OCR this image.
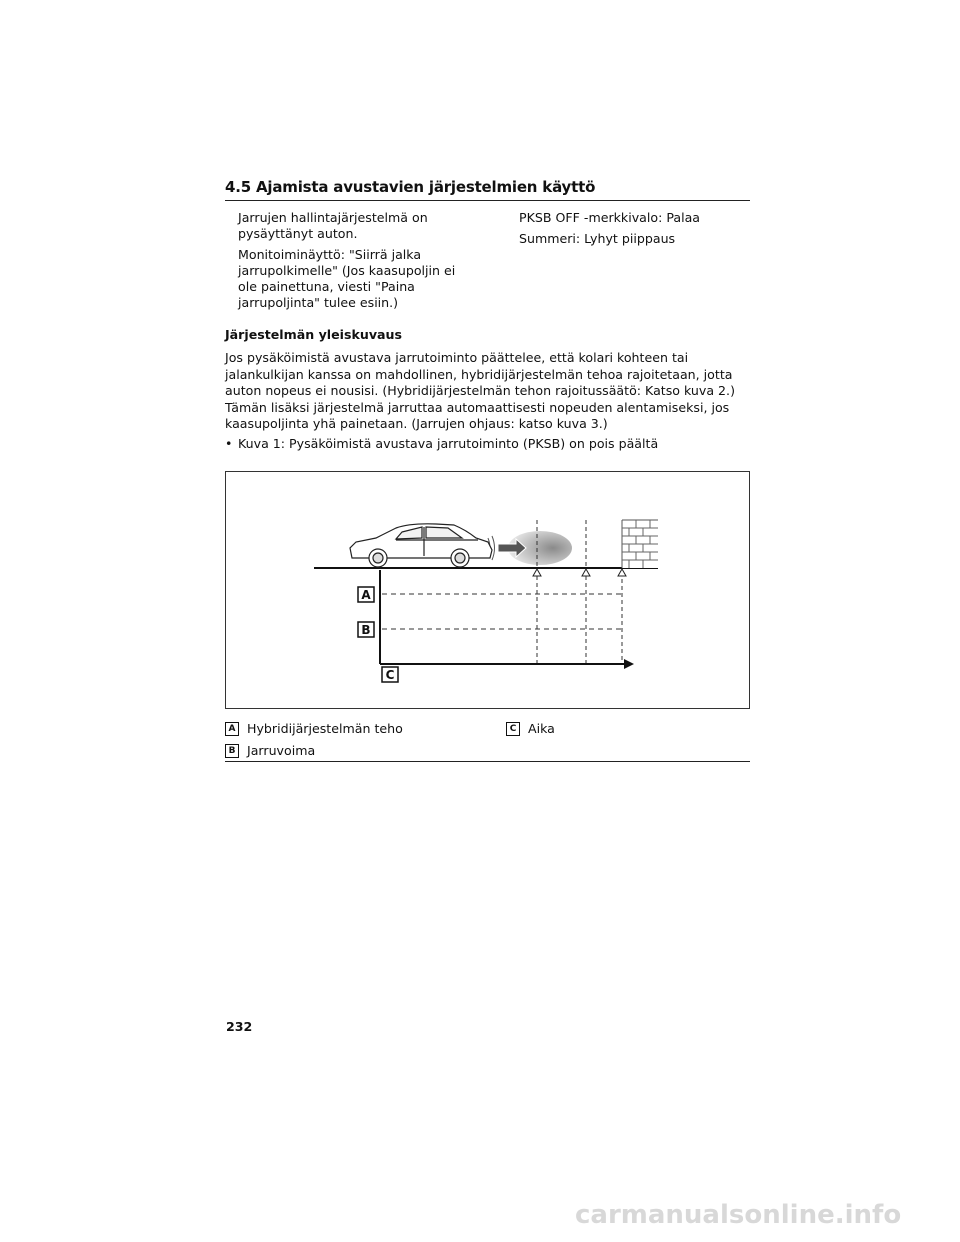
4.5 Ajamista avustavien järjestelmien käyttö

Jarrujen hallintajärjestelmä on pysäyttänyt auton.

Monitoiminäyttö: "Siirrä jalka jarrupolkimelle" (Jos kaasupoljin ei ole painettuna, viesti "Paina jarrupoljinta" tulee esiin.)

PKSB OFF -merkkivalo: Palaa

Summeri: Lyhyt piippaus

Järjestelmän yleiskuvaus

Jos pysäköimistä avustava jarrutoiminto päättelee, että kolari kohteen tai jalankulkijan kanssa on mahdollinen, hybridijärjestelmän tehoa rajoitetaan, jotta auton nopeus ei nousisi. (Hybridijärjestelmän tehon rajoitussäätö: Katso kuva 2.) Tämän lisäksi järjestelmä jarruttaa automaattisesti nopeuden alentamiseksi, jos kaasupoljinta yhä painetaan. (Jarrujen ohjaus: katso kuva 3.)

• Kuva 1: Pysäköimistä avustava jarrutoiminto (PKSB) on pois päältä
A
B
C
A Hybridijärjestelmän teho
B Jarruvoima
C Aika
232
carmanualsonline.info
